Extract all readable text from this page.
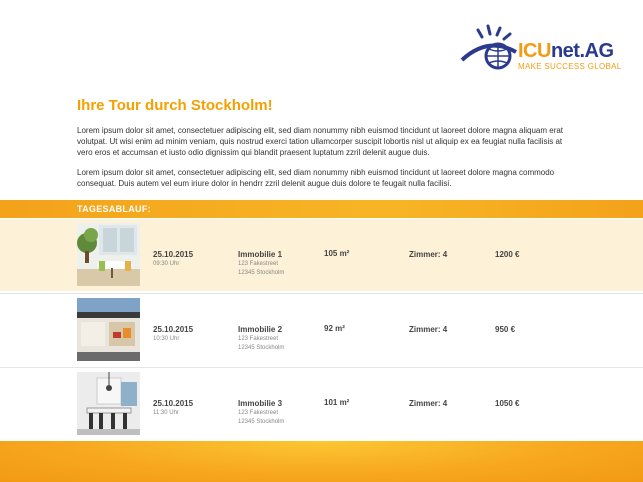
ICUnet.AG
MAKE SUCCESS GLOBAL
Ihre Tour durch Stockholm!

Lorem ipsum dolor sit amet, consectetuer adipiscing elit, sed diam nonummy nibh euismod tincidunt ut laoreet dolore magna aliquam erat volutpat. Ut wisi enim ad minim veniam, quis nostrud exerci tation ullamcorper suscipit lobortis nisl ut aliquip ex ea feugiat nulla facilisis at vero eros et accumsan et iusto odio dignissim qui blandit praesent luptatum zzril delenit augue duis.

Lorem ipsum dolor sit amet, consectetuer adipiscing elit, sed diam nonummy nibh euismod tincidunt ut laoreet dolore magna commodo consequat. Duis autem vel eum iriure dolor in hendrr zzril delenit augue duis dolore te feugait nulla facilisi.

TAGESABLAUF:
25.10.2015
09:30 Uhr
Immobilie 1
123 Fakestreet
12345 Stockholm
105 m²	Zimmer: 4	1200 €
25.10.2015
10:30 Uhr
Immobilie 2
123 Fakestreet
12345 Stockholm
92 m²	Zimmer: 4	950 €
25.10.2015
11:30 Uhr
Immobilie 3
123 Fakestreet
12345 Stockholm
101 m²	Zimmer: 4	1050 €
